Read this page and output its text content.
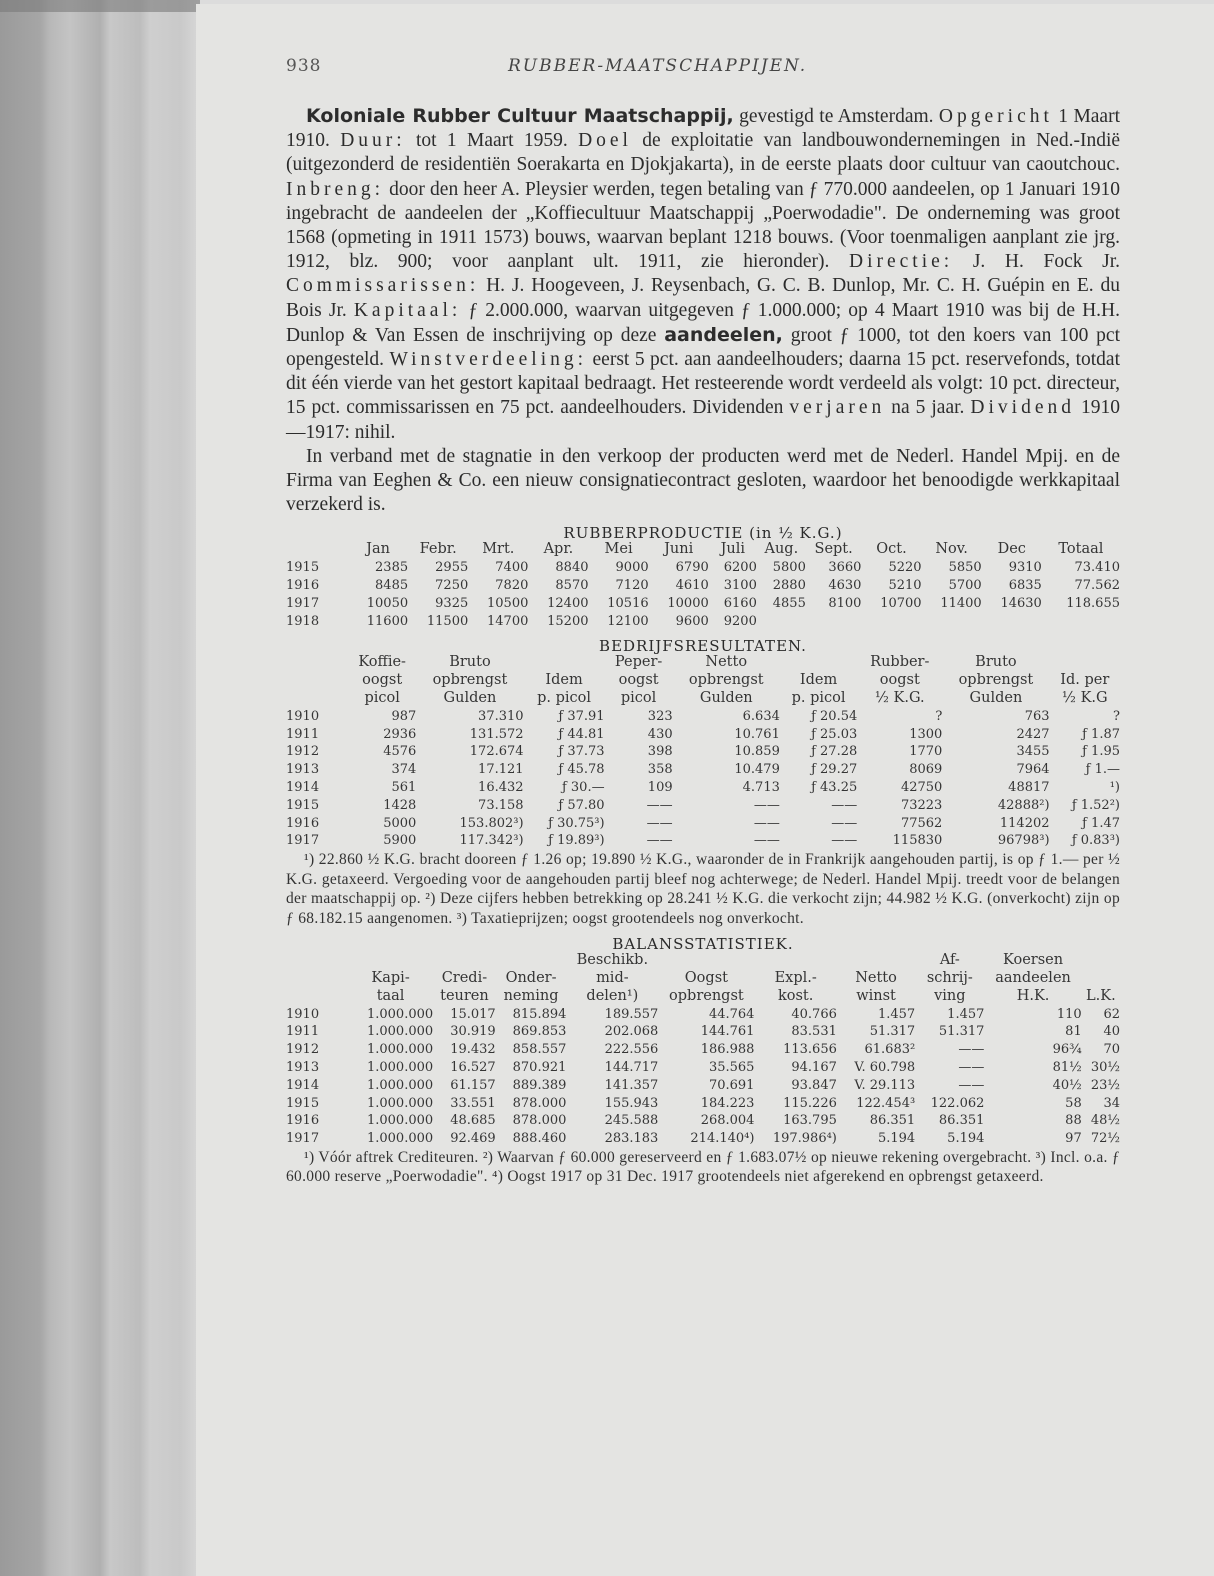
938	RUBBER-MAATSCHAPPIJEN.

Koloniale Rubber Cultuur Maatschappij, gevestigd te Amsterdam. Opgericht 1 Maart 1910. Duur: tot 1 Maart 1959. Doel de exploitatie van landbouwondernemingen in Ned.-Indië (uitgezonderd de residentiën Soerakarta en Djokjakarta), in de eerste plaats door cultuur van caoutchouc. Inbreng: door den heer A. Pleysier werden, tegen betaling van ƒ 770.000 aandeelen, op 1 Januari 1910 ingebracht de aandeelen der „Koffiecultuur Maatschappij „Poerwodadie". De onderneming was groot 1568 (opmeting in 1911 1573) bouws, waarvan beplant 1218 bouws. (Voor toenmaligen aanplant zie jrg. 1912, blz. 900; voor aanplant ult. 1911, zie hieronder). Directie: J. H. Fock Jr. Commissarissen: H. J. Hoogeveen, J. Reysenbach, G. C. B. Dunlop, Mr. C. H. Guépin en E. du Bois Jr. Kapitaal: ƒ 2.000.000, waarvan uitgegeven ƒ 1.000.000; op 4 Maart 1910 was bij de H.H. Dunlop & Van Essen de inschrijving op deze aandeelen, groot ƒ 1000, tot den koers van 100 pct opengesteld. Winstverdeeling: eerst 5 pct. aan aandeelhouders; daarna 15 pct. reservefonds, totdat dit één vierde van het gestort kapitaal bedraagt. Het resteerende wordt verdeeld als volgt: 10 pct. directeur, 15 pct. commissarissen en 75 pct. aandeelhouders. Dividenden verjaren na 5 jaar. Dividend 1910—1917: nihil.

In verband met de stagnatie in den verkoop der producten werd met de Nederl. Handel Mpij. en de Firma van Eeghen & Co. een nieuw consignatiecontract gesloten, waardoor het benoodigde werkkapitaal verzekerd is.

RUBBERPRODUCTIE (in ½ K.G.)
	Jan	Febr.	Mrt.	Apr.	Mei	Juni	Juli	Aug.	Sept.	Oct.	Nov.	Dec	Totaal
1915	2385	2955	7400	8840	9000	6790	6200	5800	3660	5220	5850	9310	73.410
1916	8485	7250	7820	8570	7120	4610	3100	2880	4630	5210	5700	6835	77.562
1917	10050	9325	10500	12400	10516	10000	6160	4855	8100	10700	11400	14630	118.655
1918	11600	11500	14700	15200	12100	9600	9200						
BEDRIJFSRESULTATEN.
	Koffie-	Bruto		Peper-	Netto		Rubber-	Bruto	
	oogst	opbrengst	Idem	oogst	opbrengst	Idem	oogst	opbrengst	Id. per
	picol	Gulden	p. picol	picol	Gulden	p. picol	½ K.G.	Gulden	½ K.G
1910	987	37.310	ƒ 37.91	323	6.634	ƒ 20.54	?	763	?
1911	2936	131.572	ƒ 44.81	430	10.761	ƒ 25.03	1300	2427	ƒ 1.87
1912	4576	172.674	ƒ 37.73	398	10.859	ƒ 27.28	1770	3455	ƒ 1.95
1913	374	17.121	ƒ 45.78	358	10.479	ƒ 29.27	8069	7964	ƒ 1.—
1914	561	16.432	ƒ 30.—	109	4.713	ƒ 43.25	42750	48817	¹)
1915	1428	73.158	ƒ 57.80	——	——	——	73223	42888²)	ƒ 1.52²)
1916	5000	153.802³)	ƒ 30.75³)	——	——	——	77562	114202	ƒ 1.47
1917	5900	117.342³)	ƒ 19.89³)	——	——	——	115830	96798³)	ƒ 0.83³)

¹) 22.860 ½ K.G. bracht dooreen ƒ 1.26 op; 19.890 ½ K.G., waaronder de in Frankrijk aangehouden partij, is op ƒ 1.— per ½ K.G. getaxeerd. Vergoeding voor de aangehouden partij bleef nog achterwege; de Nederl. Handel Mpij. treedt voor de belangen der maatschappij op. ²) Deze cijfers hebben betrekking op 28.241 ½ K.G. die verkocht zijn; 44.982 ½ K.G. (onverkocht) zijn op ƒ 68.182.15 aangenomen. ³) Taxatieprijzen; oogst grootendeels nog onverkocht.

BALANSSTATISTIEK.
				Beschikb.				Af-	Koersen	
	Kapi-	Credi-	Onder-	mid-	Oogst	Expl.-	Netto	schrij-	aandeelen	
	taal	teuren	neming	delen¹)	opbrengst	kost.	winst	ving	H.K.	L.K.
1910	1.000.000	15.017	815.894	189.557	44.764	40.766	1.457	1.457	110	62
1911	1.000.000	30.919	869.853	202.068	144.761	83.531	51.317	51.317	81	40
1912	1.000.000	19.432	858.557	222.556	186.988	113.656	61.683²	——	96¾	70
1913	1.000.000	16.527	870.921	144.717	35.565	94.167	V. 60.798	——	81½	30½
1914	1.000.000	61.157	889.389	141.357	70.691	93.847	V. 29.113	——	40½	23½
1915	1.000.000	33.551	878.000	155.943	184.223	115.226	122.454³	122.062	58	34
1916	1.000.000	48.685	878.000	245.588	268.004	163.795	86.351	86.351	88	48½
1917	1.000.000	92.469	888.460	283.183	214.140⁴)	197.986⁴)	5.194	5.194	97	72½

¹) Vóór aftrek Crediteuren. ²) Waarvan ƒ 60.000 gereserveerd en ƒ 1.683.07½ op nieuwe rekening overgebracht. ³) Incl. o.a. ƒ 60.000 reserve „Poerwodadie". ⁴) Oogst 1917 op 31 Dec. 1917 grootendeels niet afgerekend en opbrengst getaxeerd.
